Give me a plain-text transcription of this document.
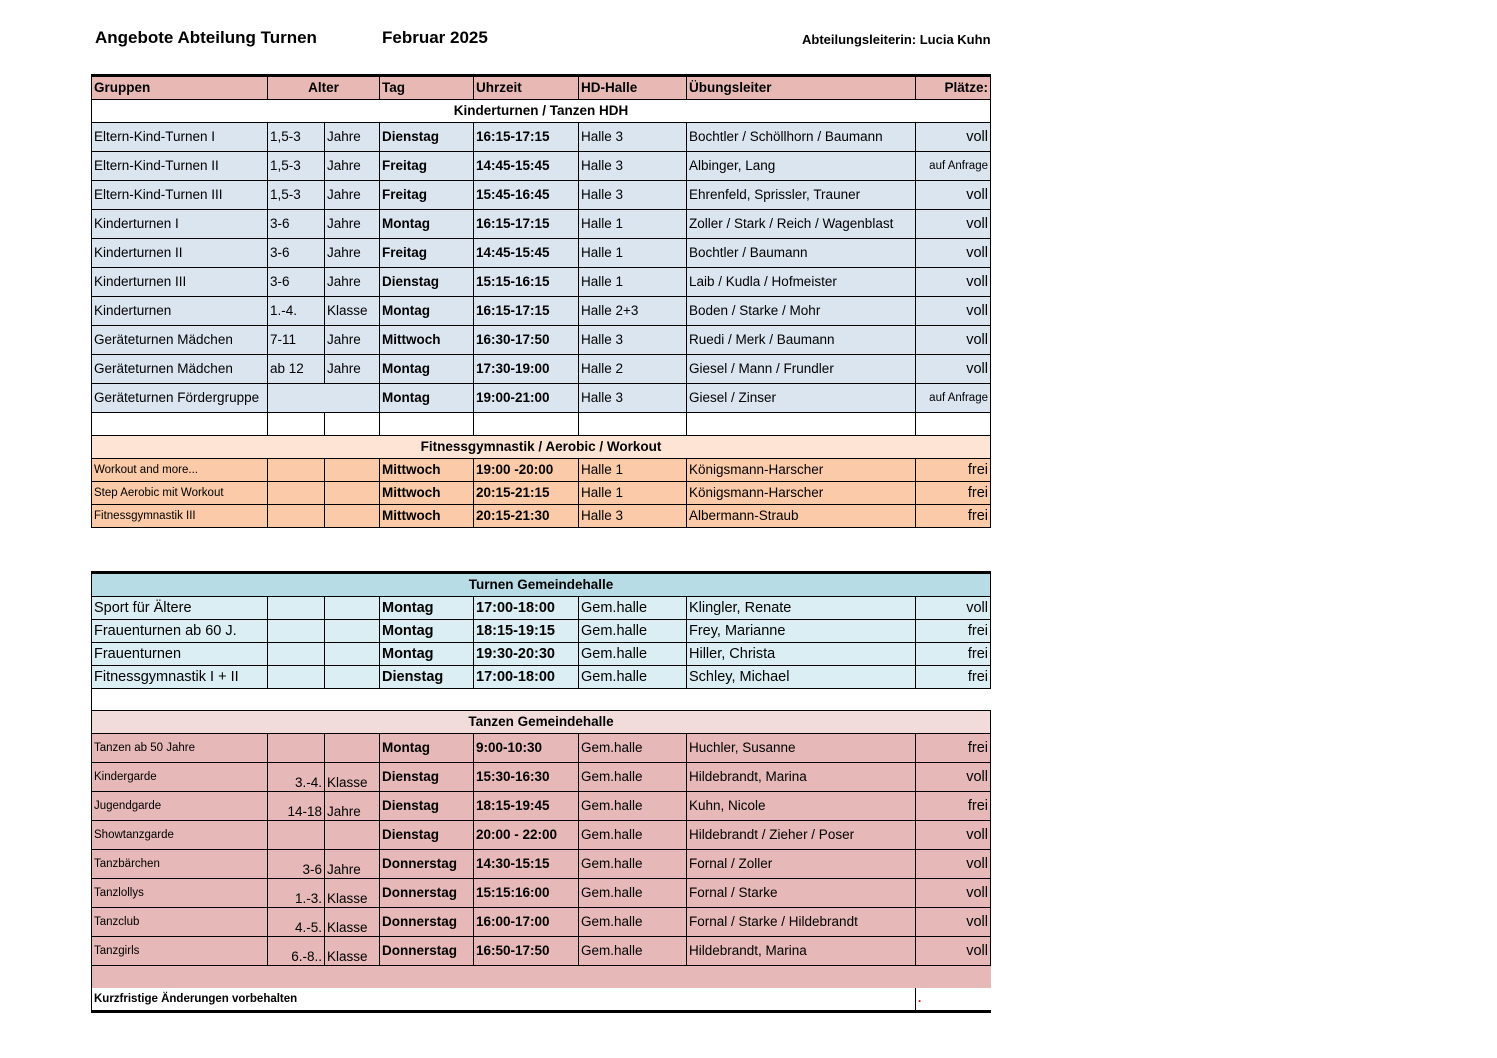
Angebote Abteilung Turnen	Februar 2025	Abteilungsleiterin: Lucia Kuhn
Gruppen	Alter		Tag	Uhrzeit	HD-Halle	Übungsleiter	Plätze:
Kinderturnen / Tanzen HDH							
Eltern-Kind-Turnen I	1,5-3	Jahre	Dienstag	16:15-17:15	Halle 3	Bochtler / Schöllhorn / Baumann	voll
Eltern-Kind-Turnen II	1,5-3	Jahre	Freitag	14:45-15:45	Halle 3	Albinger, Lang	auf Anfrage
Eltern-Kind-Turnen III	1,5-3	Jahre	Freitag	15:45-16:45	Halle 3	Ehrenfeld, Sprissler, Trauner	voll
Kinderturnen I	3-6	Jahre	Montag	16:15-17:15	Halle 1	Zoller / Stark / Reich / Wagenblast	voll
Kinderturnen II	3-6	Jahre	Freitag	14:45-15:45	Halle 1	Bochtler / Baumann	voll
Kinderturnen III	3-6	Jahre	Dienstag	15:15-16:15	Halle 1	Laib / Kudla / Hofmeister	voll
Kinderturnen	1.-4.	Klasse	Montag	16:15-17:15	Halle 2+3	Boden / Starke / Mohr	voll
Geräteturnen Mädchen	7-11	Jahre	Mittwoch	16:30-17:50	Halle 3	Ruedi / Merk / Baumann	voll
Geräteturnen Mädchen	ab 12	Jahre	Montag	17:30-19:00	Halle 2	Giesel / Mann / Frundler	voll
Geräteturnen Fördergruppe			Montag	19:00-21:00	Halle 3	Giesel / Zinser	auf Anfrage

Fitnessgymnastik / Aerobic / Workout							
Workout and more...			Mittwoch	19:00 -20:00	Halle 1	Königsmann-Harscher	frei
Step Aerobic mit Workout			Mittwoch	20:15-21:15	Halle 1	Königsmann-Harscher	frei
Fitnessgymnastik III			Mittwoch	20:15-21:30	Halle 3	Albermann-Straub	frei
Turnen Gemeindehalle							
Sport für Ältere			Montag	17:00-18:00	Gem.halle	Klingler, Renate	voll
Frauenturnen ab 60 J.			Montag	18:15-19:15	Gem.halle	Frey, Marianne	frei
Frauenturnen			Montag	19:30-20:30	Gem.halle	Hiller, Christa	frei
Fitnessgymnastik I + II			Dienstag	17:00-18:00	Gem.halle	Schley, Michael	frei

Tanzen Gemeindehalle							
Tanzen ab 50 Jahre			Montag	9:00-10:30	Gem.halle	Huchler, Susanne	frei
Kindergarde	3.-4.	Klasse	Dienstag	15:30-16:30	Gem.halle	Hildebrandt, Marina	voll
Jugendgarde	14-18	Jahre	Dienstag	18:15-19:45	Gem.halle	Kuhn, Nicole	frei
Showtanzgarde			Dienstag	20:00 - 22:00	Gem.halle	Hildebrandt / Zieher / Poser	voll
Tanzbärchen	3-6	Jahre	Donnerstag	14:30-15:15	Gem.halle	Fornal / Zoller	voll
Tanzlollys	1.-3.	Klasse	Donnerstag	15:15:16:00	Gem.halle	Fornal / Starke	voll
Tanzclub	4.-5.	Klasse	Donnerstag	16:00-17:00	Gem.halle	Fornal / Starke / Hildebrandt	voll
Tanzgirls	6.-8..	Klasse	Donnerstag	16:50-17:50	Gem.halle	Hildebrandt, Marina	voll

Kurzfristige Änderungen vorbehalten							.
